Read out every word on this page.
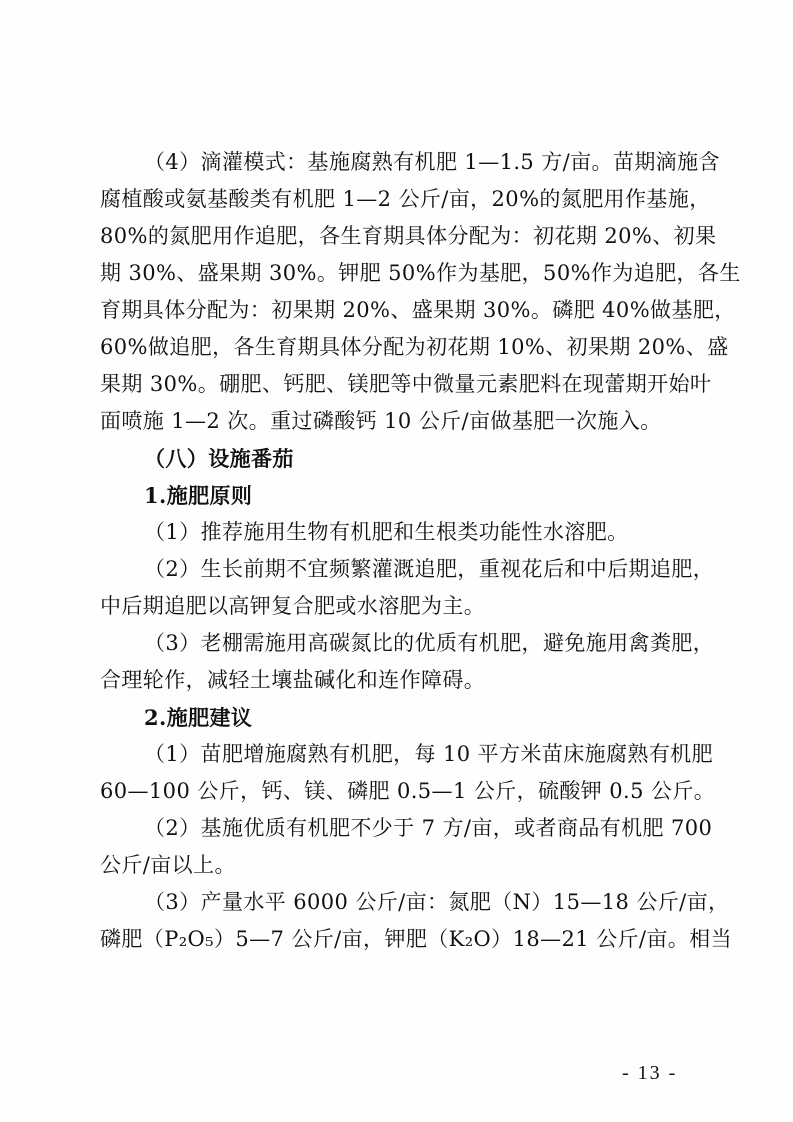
（4）滴灌模式：基施腐熟有机肥 1—1.5 方/亩。苗期滴施含
腐植酸或氨基酸类有机肥 1—2 公斤/亩，20%的氮肥用作基施，
80%的氮肥用作追肥，各生育期具体分配为：初花期 20%、初果
期 30%、盛果期 30%。钾肥 50%作为基肥，50%作为追肥，各生
育期具体分配为：初果期 20%、盛果期 30%。磷肥 40%做基肥，
60%做追肥，各生育期具体分配为初花期 10%、初果期 20%、盛
果期 30%。硼肥、钙肥、镁肥等中微量元素肥料在现蕾期开始叶
面喷施 1—2 次。重过磷酸钙 10 公斤/亩做基肥一次施入。
（八）设施番茄
1.施肥原则
（1）推荐施用生物有机肥和生根类功能性水溶肥。
（2）生长前期不宜频繁灌溉追肥，重视花后和中后期追肥，
中后期追肥以高钾复合肥或水溶肥为主。
（3）老棚需施用高碳氮比的优质有机肥，避免施用禽粪肥，
合理轮作，减轻土壤盐碱化和连作障碍。
2.施肥建议
（1）苗肥增施腐熟有机肥，每 10 平方米苗床施腐熟有机肥
60—100 公斤，钙、镁、磷肥 0.5—1 公斤，硫酸钾 0.5 公斤。
（2）基施优质有机肥不少于 7 方/亩，或者商品有机肥 700
公斤/亩以上。
（3）产量水平 6000 公斤/亩：氮肥（N）15—18 公斤/亩，
磷肥（P₂O₅）5—7 公斤/亩，钾肥（K₂O）18—21 公斤/亩。相当
- 13 -
